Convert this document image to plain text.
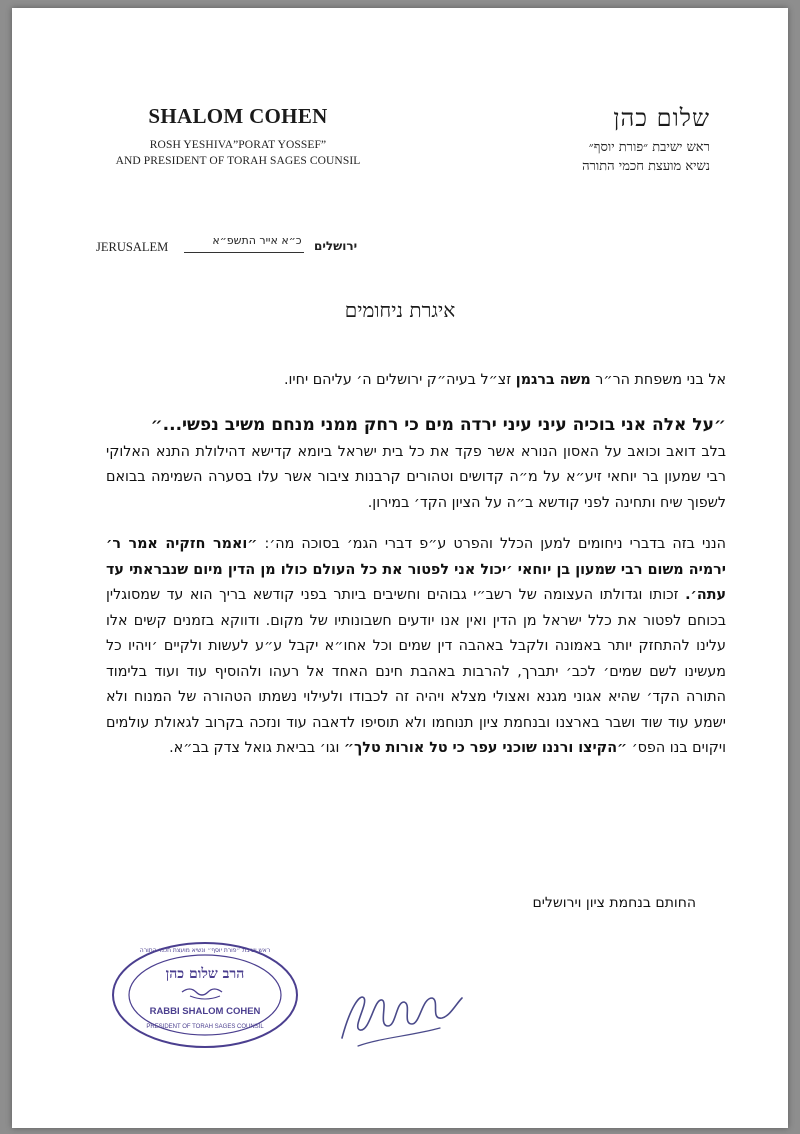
SHALOM COHEN
ROSH YESHIVA”PORAT YOSSEF”
AND PRESIDENT OF TORAH SAGES COUNSIL
שלום כהן
ראש ישיבת ״פורת יוסף״
נשיא מועצת חכמי התורה
JERUSALEM	כ״א אייר התשפ״א	ירושלים
איגרת ניחומים

אל בני משפחת הר״ר משה ברגמן זצ״ל בעיה״ק ירושלים ה׳ עליהם יחיו.

״על אלה אני בוכיה עיני עיני ירדה מים כי רחק ממני מנחם משיב נפשי...״

בלב דואב וכואב על האסון הנורא אשר פקד את כל בית ישראל ביומא קדישא דהילולת התנא האלוקי רבי שמעון בר יוחאי זיע״א על מ״ה קדושים וטהורים קרבנות ציבור אשר עלו בסערה השמימה בבואם לשפוך שיח ותחינה לפני קודשא ב״ה על הציון הקד׳ במירון.

הנני בזה בדברי ניחומים למען הכלל והפרט ע״פ דברי הגמ׳ בסוכה מה׳: ״ואמר חזקיה אמר ר׳ ירמיה משום רבי שמעון בן יוחאי ׳יכול אני לפטור את כל העולם כולו מן הדין מיום שנבראתי עד עתה׳. זכותו וגדולתו העצומה של רשב״י גבוהים וחשיבים ביותר בפני קודשא בריך הוא עד שמסוגלין בכוחם לפטור את כלל ישראל מן הדין ואין אנו יודעים חשבונותיו של מקום. ודווקא בזמנים קשים אלו עלינו להתחזק יותר באמונה ולקבל באהבה דין שמים וכל אחו״א יקבל ע״ע לעשות ולקיים ׳ויהיו כל מעשינו לשם שמים׳ לכב׳ יתברך, להרבות באהבת חינם האחד אל רעהו ולהוסיף עוד ועוד בלימוד התורה הקד׳ שהיא אגוני מגנא ואצולי מצלא ויהיה זה לכבודו ולעילוי נשמתו הטהורה של המנוח ולא ישמע עוד שוד ושבר בארצנו ובנחמת ציון תנוחמו ולא תוסיפו לדאבה עוד ונזכה בקרוב לגאולת עולמים ויקוים בנו הפס׳ ״הקיצו ורננו שוכני עפר כי טל אורות טלך״ וגו׳ בביאת גואל צדק בב״א.

החותם בנחמת ציון וירושלים
הרב שלום כהן
RABBI SHALOM COHEN
PRESIDENT OF TORAH SAGES COUNSIL
ראש ישיבת ״פורת יוסף״ ונשיא מועצת חכמי התורה
